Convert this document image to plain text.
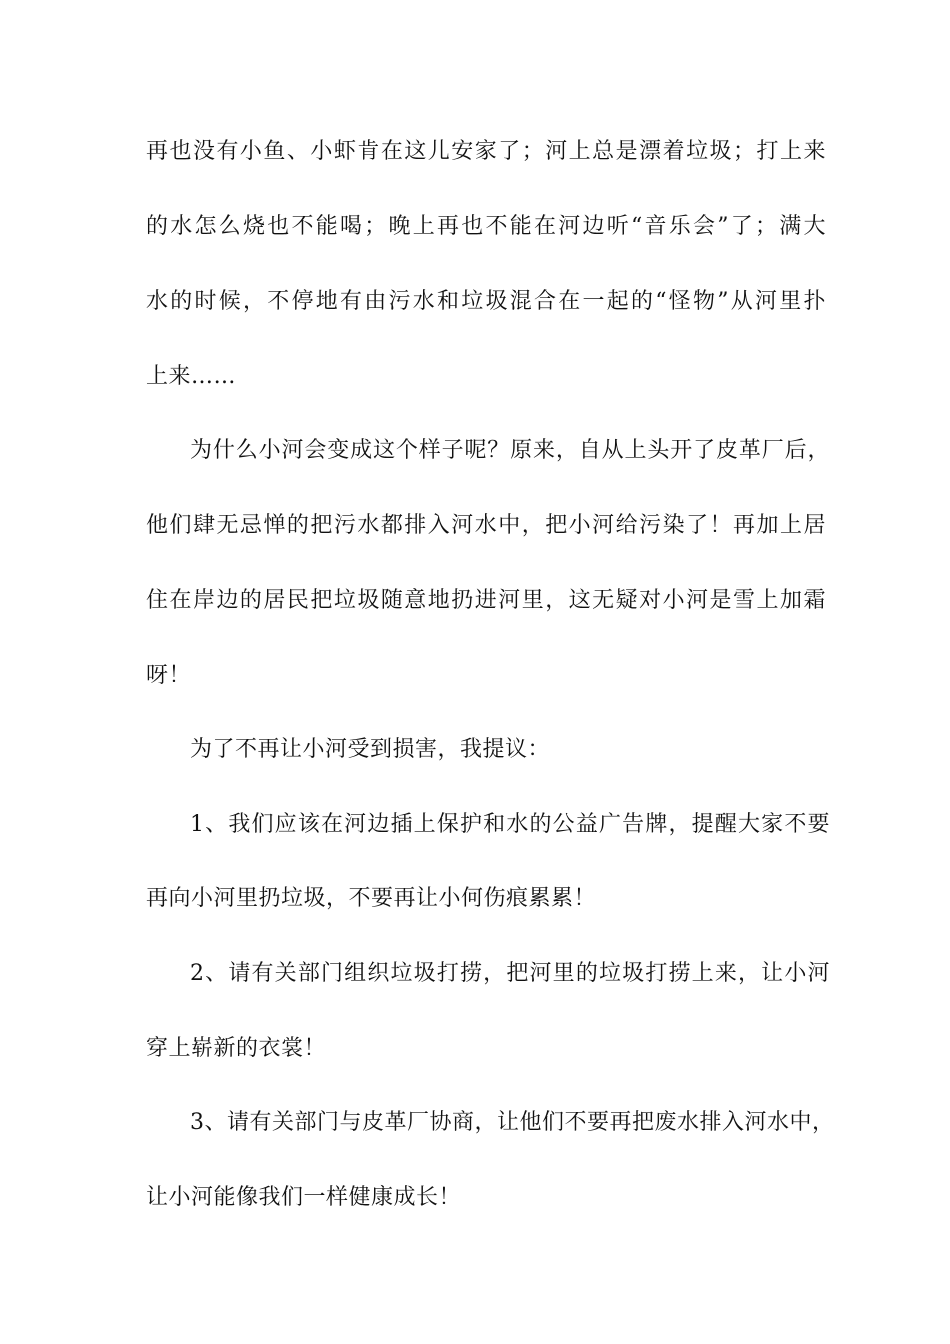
再也没有小鱼、小虾肯在这儿安家了；河上总是漂着垃圾；打上来
的水怎么烧也不能喝；晚上再也不能在河边听“音乐会”了；满大
水的时候，不停地有由污水和垃圾混合在一起的“怪物”从河里扑
上来……
为什么小河会变成这个样子呢？原来，自从上头开了皮革厂后，
他们肆无忌惮的把污水都排入河水中，把小河给污染了！再加上居
住在岸边的居民把垃圾随意地扔进河里，这无疑对小河是雪上加霜
呀！
为了不再让小河受到损害，我提议：
1、我们应该在河边插上保护和水的公益广告牌，提醒大家不要
再向小河里扔垃圾，不要再让小何伤痕累累！
2、请有关部门组织垃圾打捞，把河里的垃圾打捞上来，让小河
穿上崭新的衣裳！
3、请有关部门与皮革厂协商，让他们不要再把废水排入河水中，
让小河能像我们一样健康成长！
